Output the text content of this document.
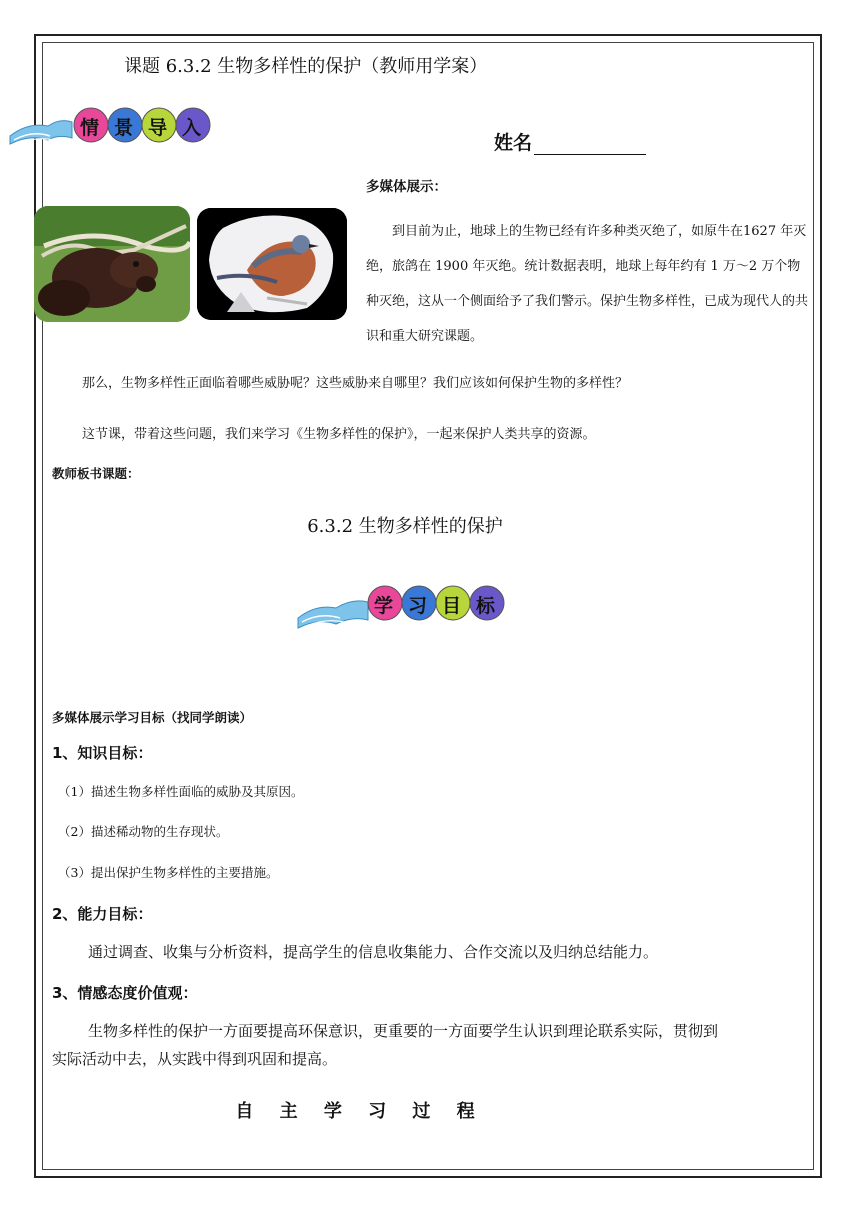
课题 6.3.2 生物多样性的保护（教师用学案）
情 景 导 入
姓名
多媒体展示：

到目前为止，地球上的生物已经有许多种类灭绝了，如原牛在1627 年灭绝，旅鸽在 1900 年灭绝。统计数据表明，地球上每年约有 1 万～2 万个物种灭绝，这从一个侧面给予了我们警示。保护生物多样性，已成为现代人的共识和重大研究课题。

那么，生物多样性正面临着哪些威胁呢？这些威胁来自哪里？我们应该如何保护生物的多样性？
这节课，带着这些问题，我们来学习《生物多样性的保护》，一起来保护人类共享的资源。
教师板书课题：
6.3.2 生物多样性的保护
学 习 目 标
多媒体展示学习目标（找同学朗读）
1、知识目标：
（1）描述生物多样性面临的威胁及其原因。
（2）描述稀动物的生存现状。
（3）提出保护生物多样性的主要措施。
2、能力目标：
通过调查、收集与分析资料，提高学生的信息收集能力、合作交流以及归纳总结能力。
3、情感态度价值观：
生物多样性的保护一方面要提高环保意识，更重要的一方面要学生认识到理论联系实际，贯彻到
实际活动中去，从实践中得到巩固和提高。
自 主 学 习 过 程
